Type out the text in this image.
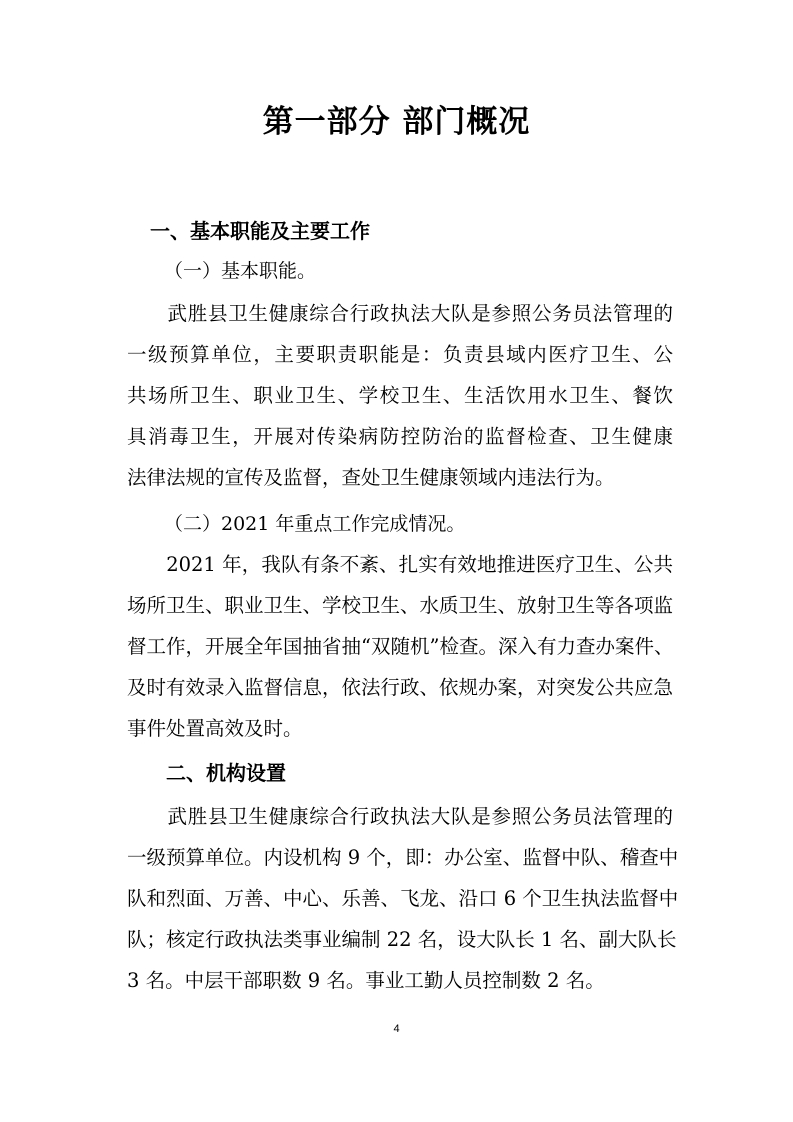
第一部分 部门概况
一、基本职能及主要工作
（一）基本职能。
　　武胜县卫生健康综合行政执法大队是参照公务员法管理的
一级预算单位，主要职责职能是：负责县域内医疗卫生、公
共场所卫生、职业卫生、学校卫生、生活饮用水卫生、餐饮
具消毒卫生，开展对传染病防控防治的监督检查、卫生健康
法律法规的宣传及监督，查处卫生健康领域内违法行为。
（二）2021 年重点工作完成情况。
　　2021 年，我队有条不紊、扎实有效地推进医疗卫生、公共
场所卫生、职业卫生、学校卫生、水质卫生、放射卫生等各项监
督工作，开展全年国抽省抽“双随机”检查。深入有力查办案件、
及时有效录入监督信息，依法行政、依规办案，对突发公共应急
事件处置高效及时。
二、机构设置
　　武胜县卫生健康综合行政执法大队是参照公务员法管理的
一级预算单位。内设机构 9 个，即：办公室、监督中队、稽查中
队和烈面、万善、中心、乐善、飞龙、沿口 6 个卫生执法监督中
队；核定行政执法类事业编制 22 名，设大队长 1 名、副大队长
3 名。中层干部职数 9 名。事业工勤人员控制数 2 名。
4
